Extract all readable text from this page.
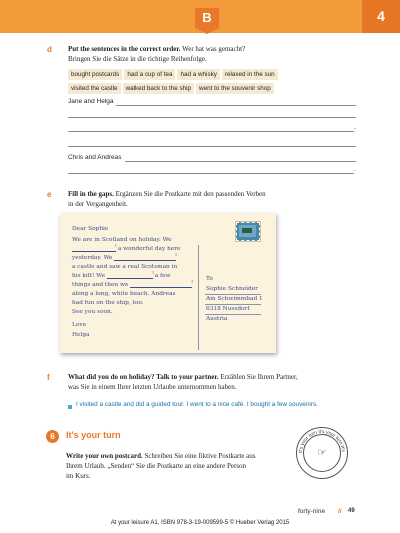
B	4
d Put the sentences in the correct order. Wer hat was gemacht?
Bringen Sie die Sätze in die richtige Reihenfolge.
bought postcards	had a cup of tea	had a whisky	relaxed in the sun
visited the castle	walked back to the ship	went to the souvenir shop
Jane and Helga
.
Chris and Andreas
.
e Fill in the gaps. Ergänzen Sie die Postkarte mit den passenden Verben
in der Vergangenheit.
Dear Sophie
We are in Scotland on holiday. We
1
a wonderful day here
yesterday. We
2
a castle and saw a real Scotsman in
his kilt! We
3
a few
things and then we
4
along a long, white beach. Andreas
had fun on the ship, too.
See you soon.
Love
Helga
To
Sophie Schneider
Am Schwimmbad 1
6318 Nussdorf
Austria
f	What did you do on holiday? Talk to your partner. Erzählen Sie Ihrem Partner,
was Sie in einem Ihrer letzten Urlaube unternommen haben.
I visited a castle and did a guided tour. I went to a nice café. I bought a few souvenirs.
6	It's your turn
Write your own postcard. Schreiben Sie eine fiktive Postkarte aus
Ihrem Urlaub. „Senden“ Sie die Postkarte an eine andere Person
im Kurs.
It's your turn It's your turn It's
☞
forty-nine // 49
At your leisure A1, ISBN 978-3-19-009599-5 © Hueber Verlag 2015
